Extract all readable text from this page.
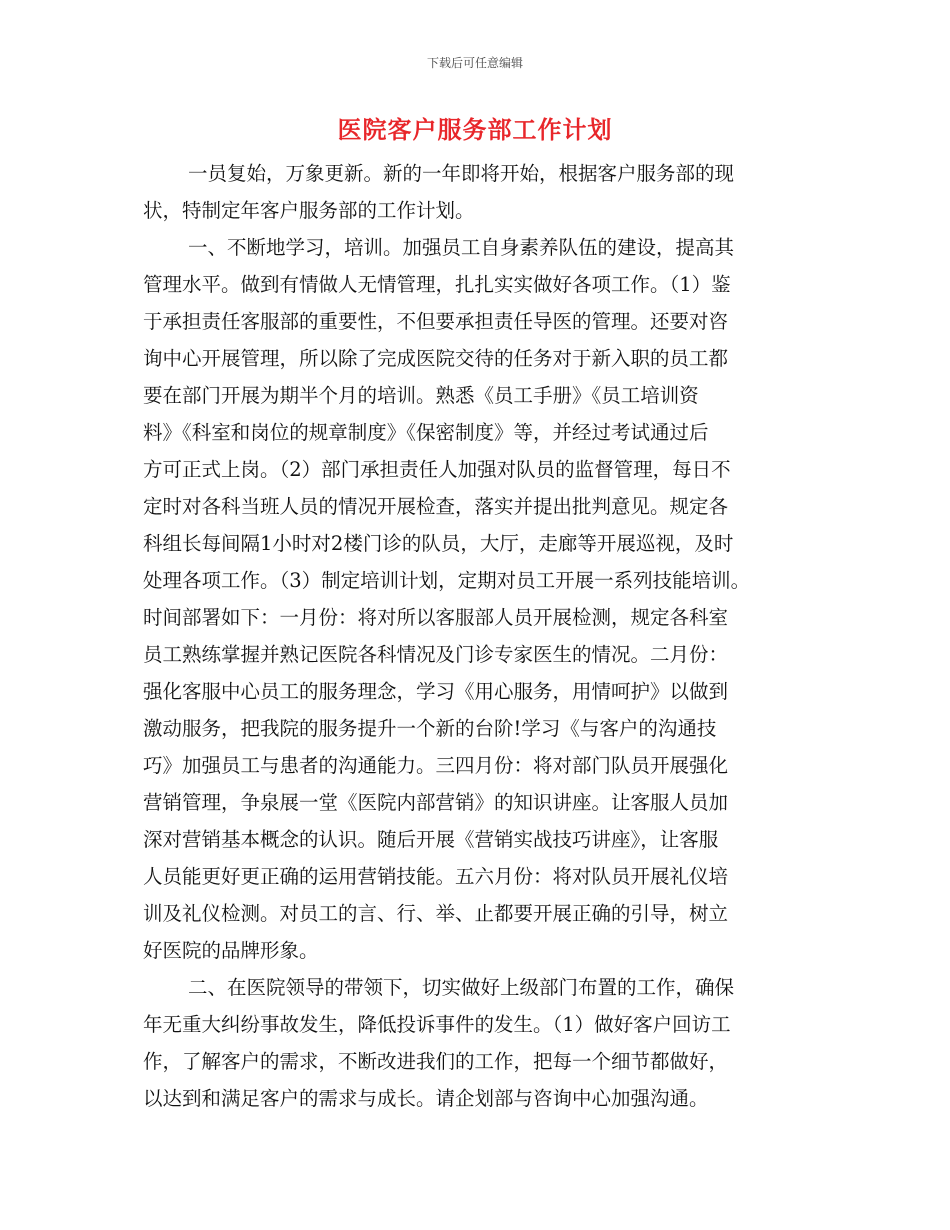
下载后可任意编辑
医院客户服务部工作计划
一员复始，万象更新。新的一年即将开始，根据客户服务部的现
状，特制定年客户服务部的工作计划。
一、不断地学习，培训。加强员工自身素养队伍的建设，提高其
管理水平。做到有情做人无情管理，扎扎实实做好各项工作。（1）鉴
于承担责任客服部的重要性，不但要承担责任导医的管理。还要对咨
询中心开展管理，所以除了完成医院交待的任务对于新入职的员工都
要在部门开展为期半个月的培训。熟悉《员工手册》《员工培训资
料》《科室和岗位的规章制度》《保密制度》等，并经过考试通过后
方可正式上岗。（2）部门承担责任人加强对队员的监督管理，每日不
定时对各科当班人员的情况开展检查，落实并提出批判意见。规定各
科组长每间隔1小时对2楼门诊的队员，大厅，走廊等开展巡视，及时
处理各项工作。（3）制定培训计划，定期对员工开展一系列技能培训。
时间部署如下：一月份：将对所以客服部人员开展检测，规定各科室
员工熟练掌握并熟记医院各科情况及门诊专家医生的情况。二月份：
强化客服中心员工的服务理念，学习《用心服务，用情呵护》以做到
激动服务，把我院的服务提升一个新的台阶!学习《与客户的沟通技
巧》加强员工与患者的沟通能力。三四月份：将对部门队员开展强化
营销管理，争泉展一堂《医院内部营销》的知识讲座。让客服人员加
深对营销基本概念的认识。随后开展《营销实战技巧讲座》，让客服
人员能更好更正确的运用营销技能。五六月份：将对队员开展礼仪培
训及礼仪检测。对员工的言、行、举、止都要开展正确的引导，树立
好医院的品牌形象。
二、在医院领导的带领下，切实做好上级部门布置的工作，确保
年无重大纠纷事故发生，降低投诉事件的发生。（1）做好客户回访工
作，了解客户的需求，不断改进我们的工作，把每一个细节都做好，
以达到和满足客户的需求与成长。请企划部与咨询中心加强沟通。
